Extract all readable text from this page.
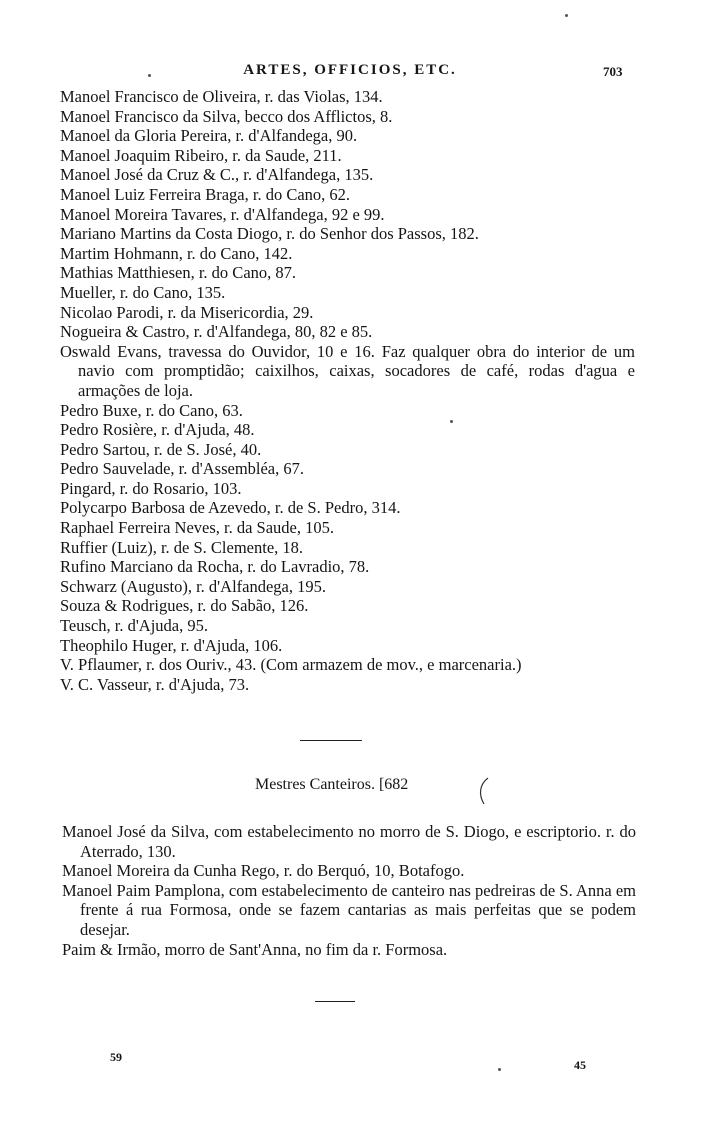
ARTES, OFFICIOS, ETC.	703
Manoel Francisco de Oliveira, r. das Violas, 134.
Manoel Francisco da Silva, becco dos Afflictos, 8.
Manoel da Gloria Pereira, r. d'Alfandega, 90.
Manoel Joaquim Ribeiro, r. da Saude, 211.
Manoel José da Cruz & C., r. d'Alfandega, 135.
Manoel Luiz Ferreira Braga, r. do Cano, 62.
Manoel Moreira Tavares, r. d'Alfandega, 92 e 99.
Mariano Martins da Costa Diogo, r. do Senhor dos Passos, 182.
Martim Hohmann, r. do Cano, 142.
Mathias Matthiesen, r. do Cano, 87.
Mueller, r. do Cano, 135.
Nicolao Parodi, r. da Misericordia, 29.
Nogueira & Castro, r. d'Alfandega, 80, 82 e 85.
Oswald Evans, travessa do Ouvidor, 10 e 16. Faz qualquer obra do interior de um navio com promptidão; caixilhos, caixas, socadores de café, rodas d'agua e armações de loja.
Pedro Buxe, r. do Cano, 63.
Pedro Rosière, r. d'Ajuda, 48.
Pedro Sartou, r. de S. José, 40.
Pedro Sauvelade, r. d'Assembléa, 67.
Pingard, r. do Rosario, 103.
Polycarpo Barbosa de Azevedo, r. de S. Pedro, 314.
Raphael Ferreira Neves, r. da Saude, 105.
Ruffier (Luiz), r. de S. Clemente, 18.
Rufino Marciano da Rocha, r. do Lavradio, 78.
Schwarz (Augusto), r. d'Alfandega, 195.
Souza & Rodrigues, r. do Sabão, 126.
Teusch, r. d'Ajuda, 95.
Theophilo Huger, r. d'Ajuda, 106.
V. Pflaumer, r. dos Ouriv., 43. (Com armazem de mov., e marcenaria.)
V. C. Vasseur, r. d'Ajuda, 73.
Mestres Canteiros. [682
Manoel José da Silva, com estabelecimento no morro de S. Diogo, e escriptorio. r. do Aterrado, 130.
Manoel Moreira da Cunha Rego, r. do Berquó, 10, Botafogo.
Manoel Paim Pamplona, com estabelecimento de canteiro nas pedreiras de S. Anna em frente á rua Formosa, onde se fazem cantarias as mais perfeitas que se podem desejar.
Paim & Irmão, morro de Sant'Anna, no fim da r. Formosa.
59
45
